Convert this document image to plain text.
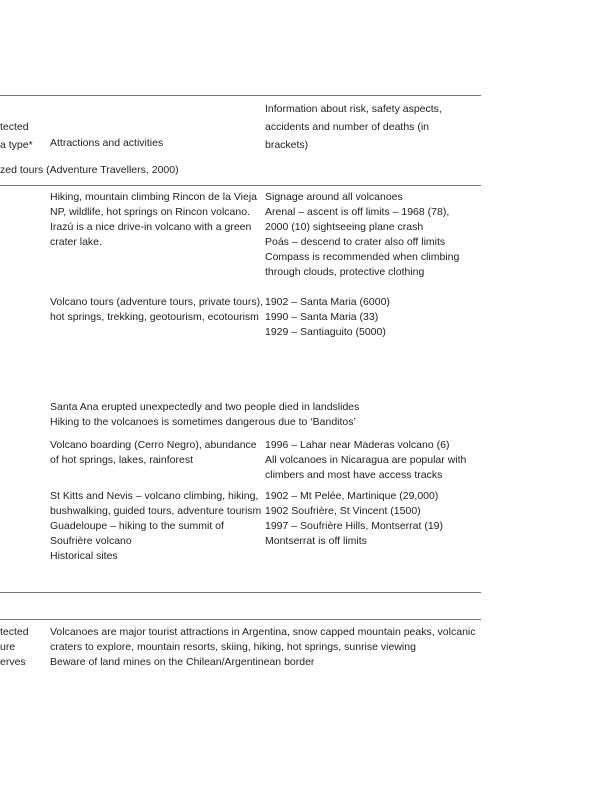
tected
a type* Attractions and activities
Information about risk, safety aspects,
accidents and number of deaths (in
brackets)
zed tours (Adventure Travellers, 2000)
Hiking, mountain climbing Rincon de la Vieja
NP, wildlife, hot springs on Rincon volcano.
Irazú is a nice drive-in volcano with a green
crater lake.
Signage around all volcanoes
Arenal – ascent is off limits – 1968 (78),
2000 (10) sightseeing plane crash
Poás – descend to crater also off limits
Compass is recommended when climbing
through clouds, protective clothing
Volcano tours (adventure tours, private tours),
hot springs, trekking, geotourism, ecotourism
1902 – Santa Maria (6000)
1990 – Santa Maria (33)
1929 – Santiaguito (5000)
Santa Ana erupted unexpectedly and two people died in landslides
Hiking to the volcanoes is sometimes dangerous due to ‘Banditos’
Volcano boarding (Cerro Negro), abundance
of hot springs, lakes, rainforest
1996 – Lahar near Maderas volcano (6)
All volcanoes in Nicaragua are popular with
climbers and most have access tracks
St Kitts and Nevis – volcano climbing, hiking,
bushwalking, guided tours, adventure tourism
Guadeloupe – hiking to the summit of
Soufrière volcano
Historical sites
1902 – Mt Pelée, Martinique (29,000)
1902 Soufrière, St Vincent (1500)
1997 – Soufrière Hills, Montserrat (19)
Montserrat is off limits
tected
ure
erves
Volcanoes are major tourist attractions in Argentina, snow capped mountain peaks, volcanic
craters to explore, mountain resorts, skiing, hiking, hot springs, sunrise viewing
Beware of land mines on the Chilean/Argentinean border
